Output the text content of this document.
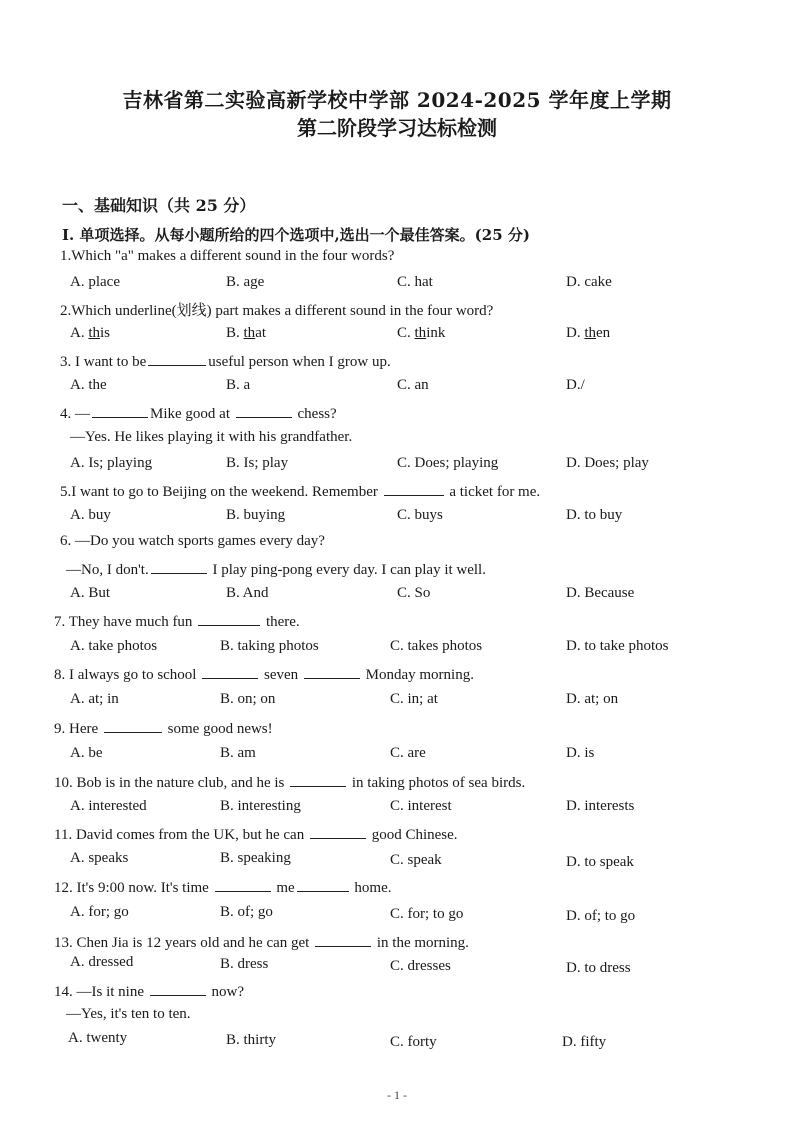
吉林省第二实验高新学校中学部 2024-2025 学年度上学期
第二阶段学习达标检测
一、基础知识（共 25 分）
I. 单项选择。从每小题所给的四个选项中,选出一个最佳答案。(25 分)
1.Which "a" makes a different sound in the four words?
A. place	B. age	C. hat	D. cake
2.Which underline(划线) part makes a different sound in the four word?
A. this	B. that	C. think	D. then
3. I want to be	useful person when I grow up.
A. the	B. a	C. an	D./
4. —	Mike good at	chess?
—Yes. He likes playing it with his grandfather.
A. Is; playing	B. Is; play	C. Does; playing	D. Does; play
5.I want to go to Beijing on the weekend. Remember	a ticket for me.
A. buy	B. buying	C. buys	D. to buy
6. —Do you watch sports games every day?
—No, I don't.	I play ping-pong every day. I can play it well.
A. But	B. And	C. So	D. Because
7. They have much fun	there.
A. take photos	B. taking photos	C. takes photos	D. to take photos
8. I always go to school	seven	Monday morning.
A. at; in	B. on; on	C. in; at	D. at; on
9. Here	some good news!
A. be	B. am	C. are	D. is
10. Bob is in the nature club, and he is	in taking photos of sea birds.
A. interested	B. interesting	C. interest	D. interests
11. David comes from the UK, but he can	good Chinese.
A. speaks	B. speaking	C. speak	D. to speak
12. It's 9:00 now. It's time	me	home.
A. for; go	B. of; go	C. for; to go	D. of; to go
13. Chen Jia is 12 years old and he can get	in the morning.
A. dressed	B. dress	C. dresses	D. to dress
14. —Is it nine	now?
—Yes, it's ten to ten.
A. twenty	B. thirty	C. forty	D. fifty
- 1 -
